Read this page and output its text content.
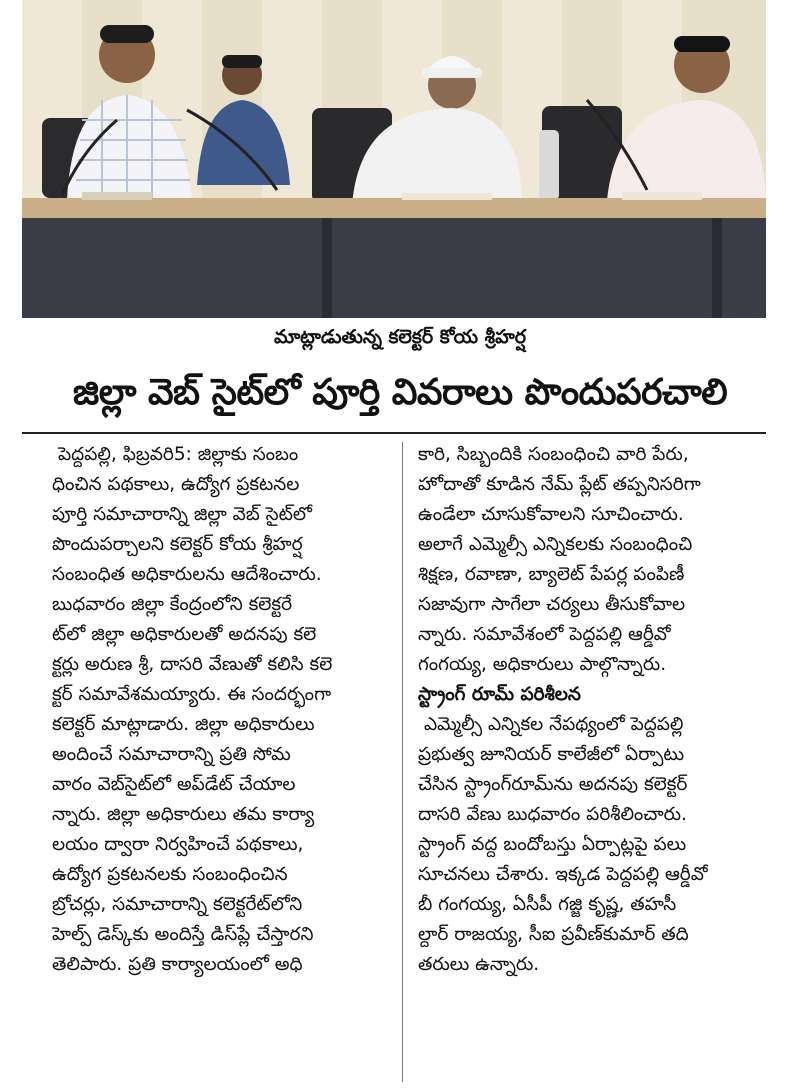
మాట్లాడుతున్న కలెక్టర్ కోయ శ్రీహర్ష
జిల్లా వెబ్ సైట్‌లో పూర్తి వివరాలు పొందుపరచాలి
పెద్దపల్లి, ఫిబ్రవరి5: జిల్లాకు సంబం
ధించిన పథకాలు, ఉద్యోగ ప్రకటనల
పూర్తి సమాచారాన్ని జిల్లా వెబ్ సైట్‌లో
పొందుపర్చాలని కలెక్టర్ కోయ శ్రీహర్ష
సంబంధిత అధికారులను ఆదేశించారు.
బుధవారం జిల్లా కేంద్రంలోని కలెక్టరే
ట్‌లో జిల్లా అధికారులతో అదనపు కలె
క్టర్లు అరుణ శ్రీ, దాసరి వేణుతో కలిసి కలె
క్టర్ సమావేశమయ్యారు. ఈ సందర్భంగా
కలెక్టర్ మాట్లాడారు. జిల్లా అధికారులు
అందించే సమాచారాన్ని ప్రతి సోమ
వారం వెబ్‌సైట్‌లో అప్‌డేట్ చేయాల
న్నారు. జిల్లా అధికారులు తమ కార్యా
లయం ద్వారా నిర్వహించే పథకాలు,
ఉద్యోగ ప్రకటనలకు సంబంధించిన
బ్రోచర్లు, సమాచారాన్ని కలెక్టరేట్‌లోని
హెల్ప్ డెస్క్‌కు అందిస్తే డిస్‌ప్లే చేస్తారని
తెలిపారు. ప్రతి కార్యాలయంలో అధి
కారి, సిబ్బందికి సంబంధించి వారి పేరు,
హోదాతో కూడిన నేమ్ ప్లేట్ తప్పనిసరిగా
ఉండేలా చూసుకోవాలని సూచించారు.
అలాగే ఎమ్మెల్సీ ఎన్నికలకు సంబంధించి
శిక్షణ, రవాణా, బ్యాలెట్ పేపర్ల పంపిణీ
సజావుగా సాగేలా చర్యలు తీసుకోవాల
న్నారు. సమావేశంలో పెద్దపల్లి ఆర్డీవో
గంగయ్య, అధికారులు పాల్గొన్నారు.
స్ట్రాంగ్ రూమ్ పరిశీలన
ఎమ్మెల్సీ ఎన్నికల నేపథ్యంలో పెద్దపల్లి
ప్రభుత్వ జూనియర్ కాలేజీలో ఏర్పాటు
చేసిన స్ట్రాంగ్‌రూమ్‌ను అదనపు కలెక్టర్
దాసరి వేణు బుధవారం పరిశీలించారు.
స్ట్రాంగ్ వద్ద బందోబస్తు ఏర్పాట్లపై పలు
సూచనలు చేశారు. ఇక్కడ పెద్దపల్లి ఆర్డీవో
బీ గంగయ్య, ఏసీపీ గజ్జి కృష్ణ, తహసీ
ల్దార్ రాజయ్య, సీఐ ప్రవీణ్‌కుమార్ తది
తరులు ఉన్నారు.
